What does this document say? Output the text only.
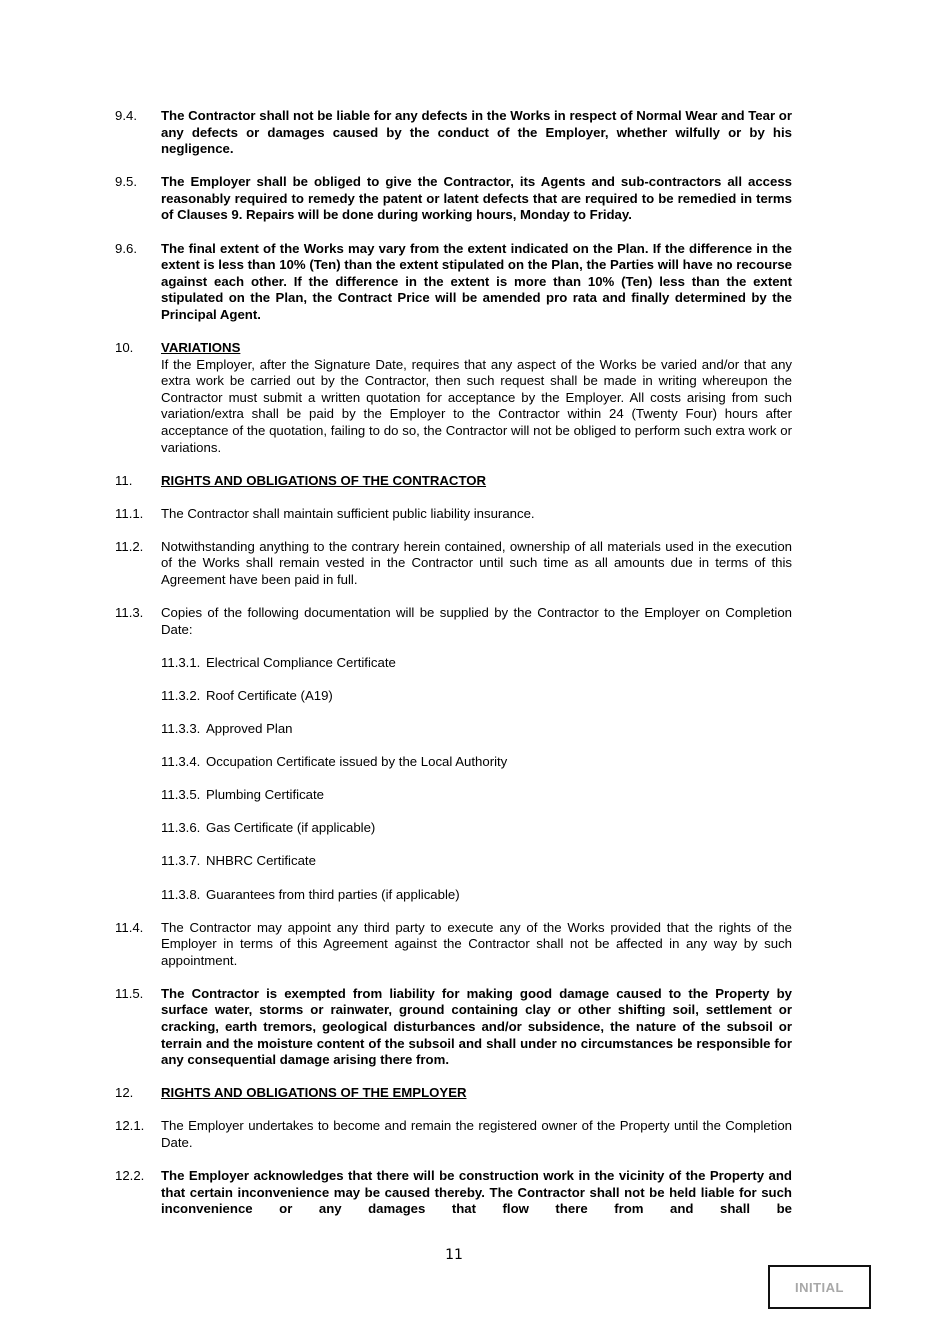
9.4.	The Contractor shall not be liable for any defects in the Works in respect of Normal Wear and Tear or any defects or damages caused by the conduct of the Employer, whether wilfully or by his negligence.
9.5.	The Employer shall be obliged to give the Contractor, its Agents and sub-contractors all access reasonably required to remedy the patent or latent defects that are required to be remedied in terms of Clauses 9. Repairs will be done during working hours, Monday to Friday.
9.6.	The final extent of the Works may vary from the extent indicated on the Plan. If the difference in the extent is less than 10% (Ten) than the extent stipulated on the Plan, the Parties will have no recourse against each other. If the difference in the extent is more than 10% (Ten) less than the extent stipulated on the Plan, the Contract Price will be amended pro rata and finally determined by the Principal Agent.
10.	VARIATIONS
If the Employer, after the Signature Date, requires that any aspect of the Works be varied and/or that any extra work be carried out by the Contractor, then such request shall be made in writing whereupon the Contractor must submit a written quotation for acceptance by the Employer. All costs arising from such variation/extra shall be paid by the Employer to the Contractor within 24 (Twenty Four) hours after acceptance of the quotation, failing to do so, the Contractor will not be obliged to perform such extra work or variations.
11.	RIGHTS AND OBLIGATIONS OF THE CONTRACTOR
11.1.	The Contractor shall maintain sufficient public liability insurance.
11.2.	Notwithstanding anything to the contrary herein contained, ownership of all materials used in the execution of the Works shall remain vested in the Contractor until such time as all amounts due in terms of this Agreement have been paid in full.
11.3.	Copies of the following documentation will be supplied by the Contractor to the Employer on Completion Date:
11.3.1. Electrical Compliance Certificate
11.3.2. Roof Certificate (A19)
11.3.3. Approved Plan
11.3.4. Occupation Certificate issued by the Local Authority
11.3.5. Plumbing Certificate
11.3.6. Gas Certificate (if applicable)
11.3.7. NHBRC Certificate
11.3.8. Guarantees from third parties (if applicable)
11.4.	The Contractor may appoint any third party to execute any of the Works provided that the rights of the Employer in terms of this Agreement against the Contractor shall not be affected in any way by such appointment.
11.5.	The Contractor is exempted from liability for making good damage caused to the Property by surface water, storms or rainwater, ground containing clay or other shifting soil, settlement or cracking, earth tremors, geological disturbances and/or subsidence, the nature of the subsoil or terrain and the moisture content of the subsoil and shall under no circumstances be responsible for any consequential damage arising there from.
12.	RIGHTS AND OBLIGATIONS OF THE EMPLOYER
12.1.	The Employer undertakes to become and remain the registered owner of the Property until the Completion Date.
12.2.	The Employer acknowledges that there will be construction work in the vicinity of the Property and that certain inconvenience may be caused thereby. The Contractor shall not be held liable for such inconvenience or any damages that flow there from and shall be
11
INITIAL
